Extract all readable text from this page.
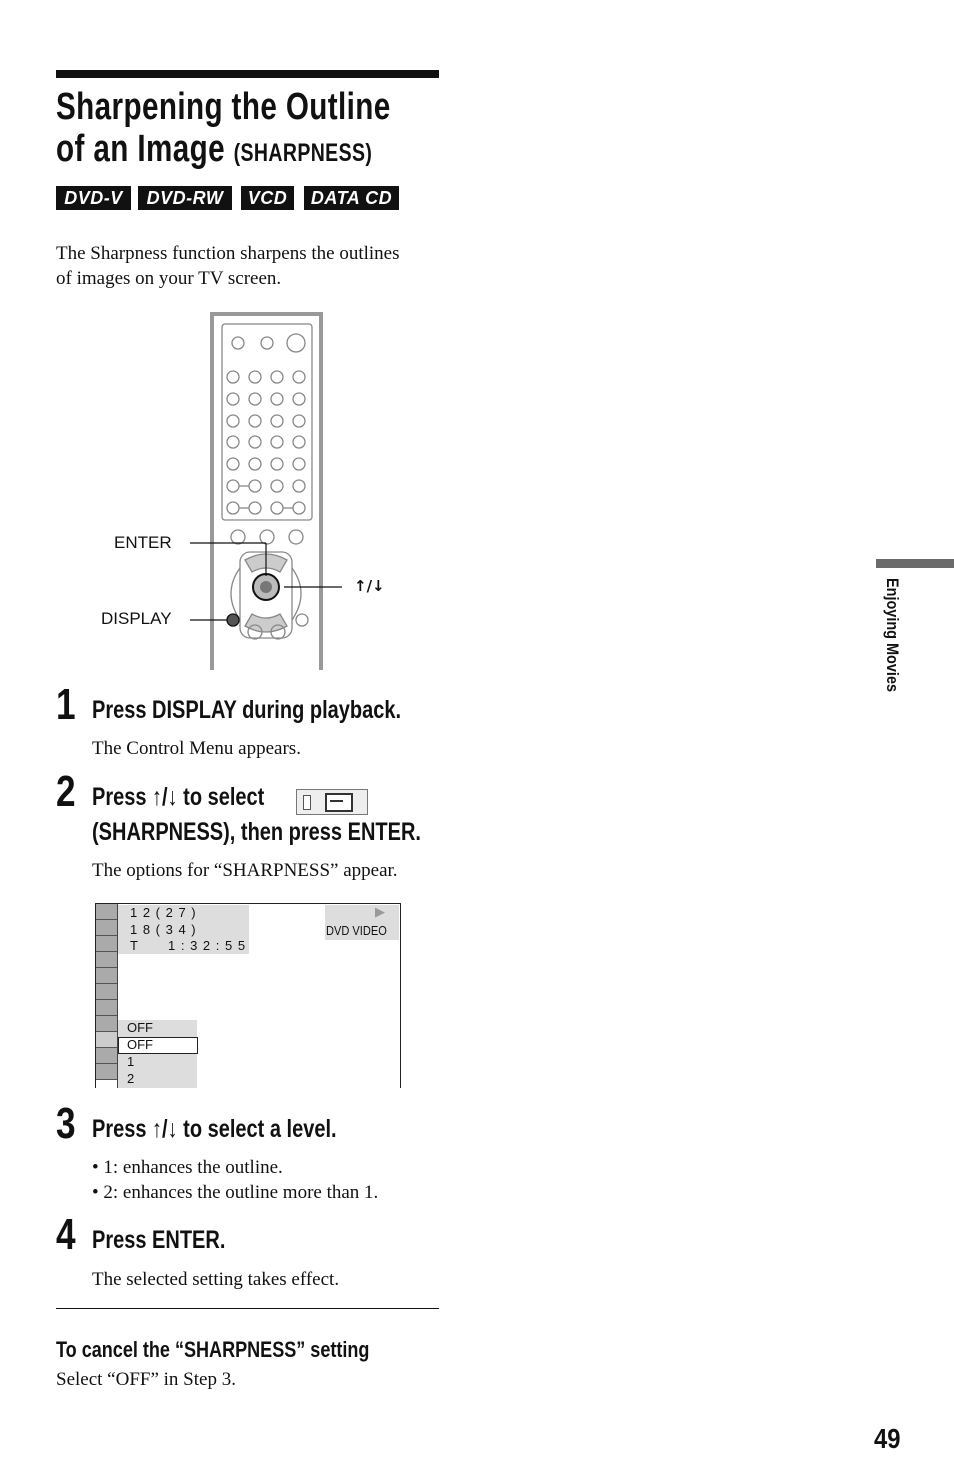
Sharpening the Outline
of an Image (SHARPNESS)
DVD-V	DVD-RW	VCD	DATA CD
The Sharpness function sharpens the outlines
of images on your TV screen.
ENTER
DISPLAY
↑/↓
1 Press DISPLAY during playback.
The Control Menu appears.
2 Press ↑/↓ to select
(SHARPNESS), then press ENTER.
The options for “SHARPNESS” appear.
1 2 ( 2 7 )
1 8 ( 3 4 )
T 1 : 3 2 : 5 5
▶
DVD VIDEO
OFF
OFF
1
2
3 Press ↑/↓ to select a level.
• 1: enhances the outline.
• 2: enhances the outline more than 1.
4 Press ENTER.
The selected setting takes effect.
To cancel the “SHARPNESS” setting
Select “OFF” in Step 3.
Enjoying Movies
49
